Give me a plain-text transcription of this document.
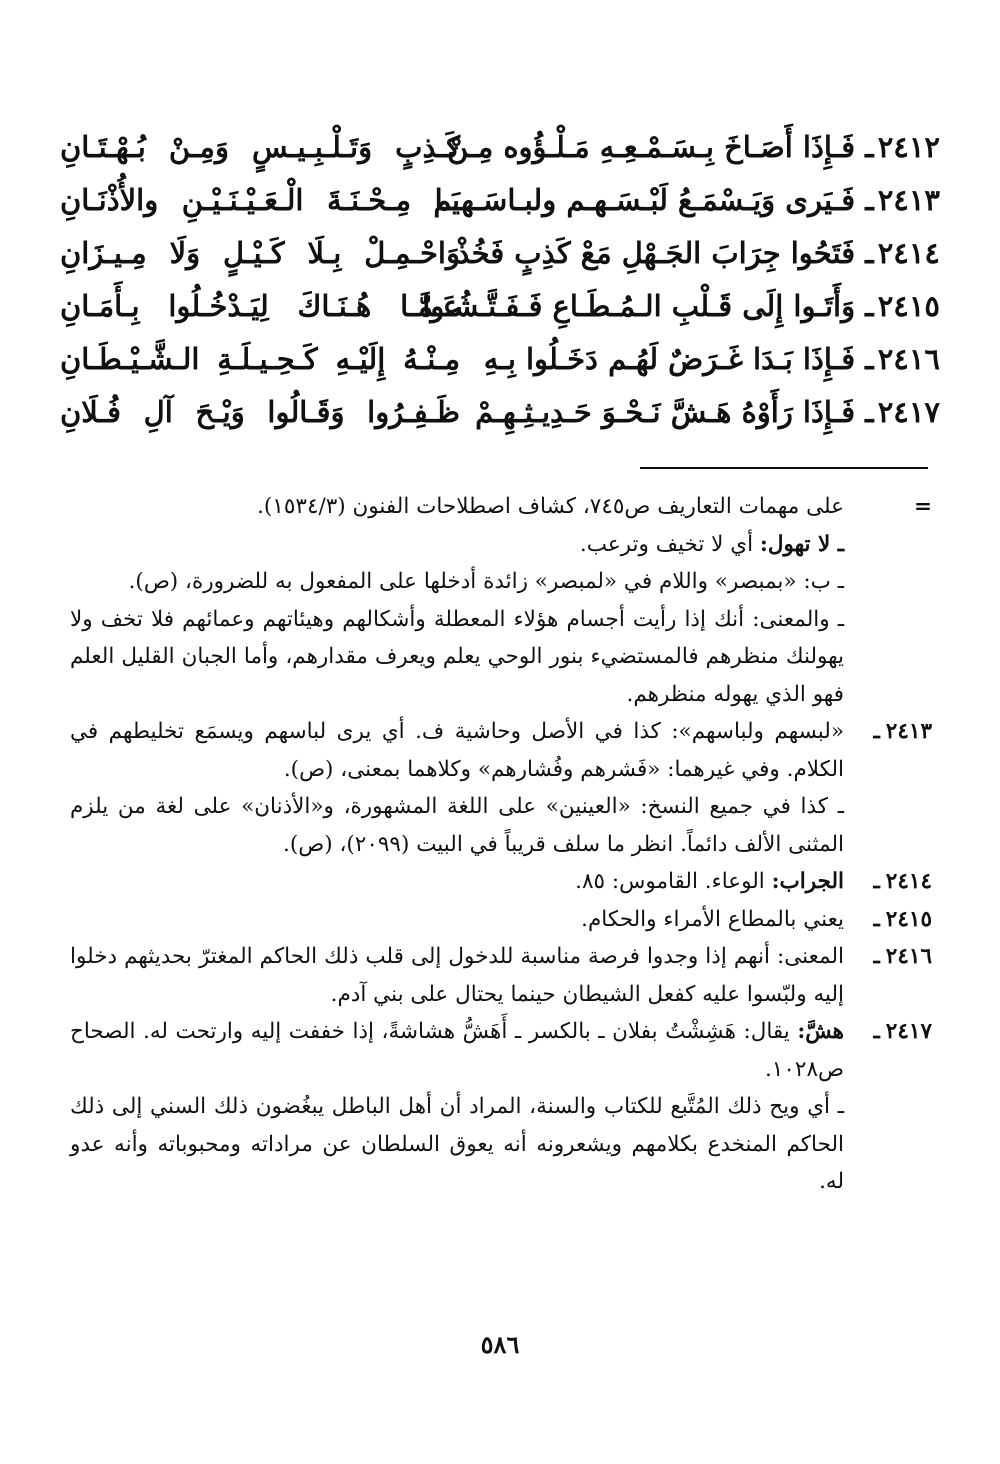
٢٤١٢ـ فَـإِذَا أَصَـاخَ بِـسَـمْـعِـهِ مَـلْـؤُوه مِـنْ
كَـذِبٍ وَتَـلْـبِـيـسٍ وَمِـنْ بُـهْـتَـانِ
٢٤١٣ـ فَـيَرى وَيَـسْمَـعُ لَبْـسَـهـم ولبـاسَـهـم
يَـا مِـحْـنَـةَ الْـعَـيْـنَـيْـنِ والأُذْنَـانِ
٢٤١٤ـ فَتَحُوا جِرَابَ الجَـهْلِ مَعْ كَذِبٍ فَخُذْ
وَاحْـمِـلْ بِـلَا كَـيْـلٍ وَلَا مِـيـزَانِ
٢٤١٥ـ وَأَتَـوا إِلَى قَـلْبِ الـمُـطَـاعِ فَـفَـتَّـشُـوا
عَـمَّـا هُـنَـاكَ لِيَـدْخُـلُوا بِـأَمَـانِ
٢٤١٦ـ فَـإِذَا بَـدَا غَـرَضٌ لَهُـم دَخَـلُوا بِـهِ
مِـنْـهُ إِلَيْـهِ كَـحِـيـلَـةِ الـشَّـيْـطَـانِ
٢٤١٧ـ فَـإِذَا رَأَوْهُ هَـشَّ نَـحْـوَ حَـدِيـثِـهِـمْ
ظَـفِـرُوا وَقَـالُوا وَيْـحَ آلِ فُـلَانِ
=
على مهمات التعاريف ص٧٤٥، كشاف اصطلاحات الفنون (١٥٣٤/٣).
ـ لا تهول: أي لا تخيف وترعب.
ـ ب: «بمبصر» واللام في «لمبصر» زائدة أدخلها على المفعول به للضرورة، (ص).
ـ والمعنى: أنك إذا رأيت أجسام هؤلاء المعطلة وأشكالهم وهيئاتهم وعمائهم فلا تخف ولا يهولنك منظرهم فالمستضيء بنور الوحي يعلم ويعرف مقدارهم، وأما الجبان القليل العلم فهو الذي يهوله منظرهم.
٢٤١٣ـ
«لبسهم ولباسهم»: كذا في الأصل وحاشية ف. أي يرى لباسهم ويسمَع تخليطهم في الكلام. وفي غيرهما: «فَشرهم وفُشارهم» وكلاهما بمعنى، (ص).
ـ كذا في جميع النسخ: «العينين» على اللغة المشهورة، و«الأذنان» على لغة من يلزم المثنى الألف دائماً. انظر ما سلف قريباً في البيت (٢٠٩٩)، (ص).
٢٤١٤ـ
الجراب: الوعاء. القاموس: ٨٥.
٢٤١٥ـ
يعني بالمطاع الأمراء والحكام.
٢٤١٦ـ
المعنى: أنهم إذا وجدوا فرصة مناسبة للدخول إلى قلب ذلك الحاكم المغترّ بحديثهم دخلوا إليه ولبّسوا عليه كفعل الشيطان حينما يحتال على بني آدم.
٢٤١٧ـ
هشَّ: يقال: هَشِشْتُ بفلان ـ بالكسر ـ أَهَشُّ هشاشةً، إذا خففت إليه وارتحت له. الصحاح ص١٠٢٨.
ـ أي ويح ذلك المُتَّبع للكتاب والسنة، المراد أن أهل الباطل يبغُضون ذلك السني إلى ذلك الحاكم المنخدع بكلامهم ويشعرونه أنه يعوق السلطان عن مراداته ومحبوباته وأنه عدو له.
٥٨٦
